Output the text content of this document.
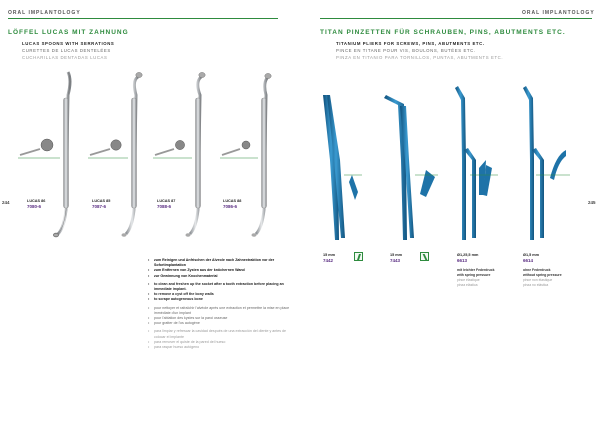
ORAL IMPLANTOLOGY
244
LÖFFEL LUCAS MIT ZAHNUNG
LUCAS SPOONS WITH SERRATIONS
CURETTES DE LUCAS DENTELÉES
CUCHARILLAS DENTADAS LUCAS
LUCAS 86
7080-6
LUCAS 85
7087-6
LUCAS 87
7088-6
LUCAS 88
7086-6
• zum Reinigen und Anfrischen der Alveole nach Zahnextraktion vor der Sofortimplantation
• zum Entfernen von Zysten aus der knöchernen Wand
• zur Gewinnung von Knochenmaterial
• to clean and freshen up the socket after a tooth extraction before placing an immediate implant.
• to remove a cyst off the bony walls
• to scrape autogeneous bone
• pour nettoyer et rafraîchir l'alvéole après une extraction et permettre la mise en place immédiate d'un implant
• pour l'ablation des kystes sur la paroi osseuse
• pour gratter de l'os autogène
• para limpiar y refrescar la cavidad después de una extracción del diente y antes de colocar el implante
• para remover el quiste de la pared del hueso
• para raspar hueso autógeno
ORAL IMPLANTOLOGY
245
TITAN PINZETTEN FÜR SCHRAUBEN, PINS, ABUTMENTS ETC.
TITANIUM PLIERS FOR SCREWS, PINS, ABUTMENTS ETC.
PINCE EN TITANE POUR VIS, BOULONS, BUTÉES ETC.
PINZA EN TITANIO PARA TORNILLOS, PUNTAS, ABUTMENTS ETC.
15 mm
7442
15 mm
7443
Ø1,25,5 mm
6613
mit leichter Federdruck
with spring pressure
pince élastique
pinza elástica
Ø1,5 mm
6614
ohne Federdruck
without spring pressure
pince non élastique
pinza no elástica
